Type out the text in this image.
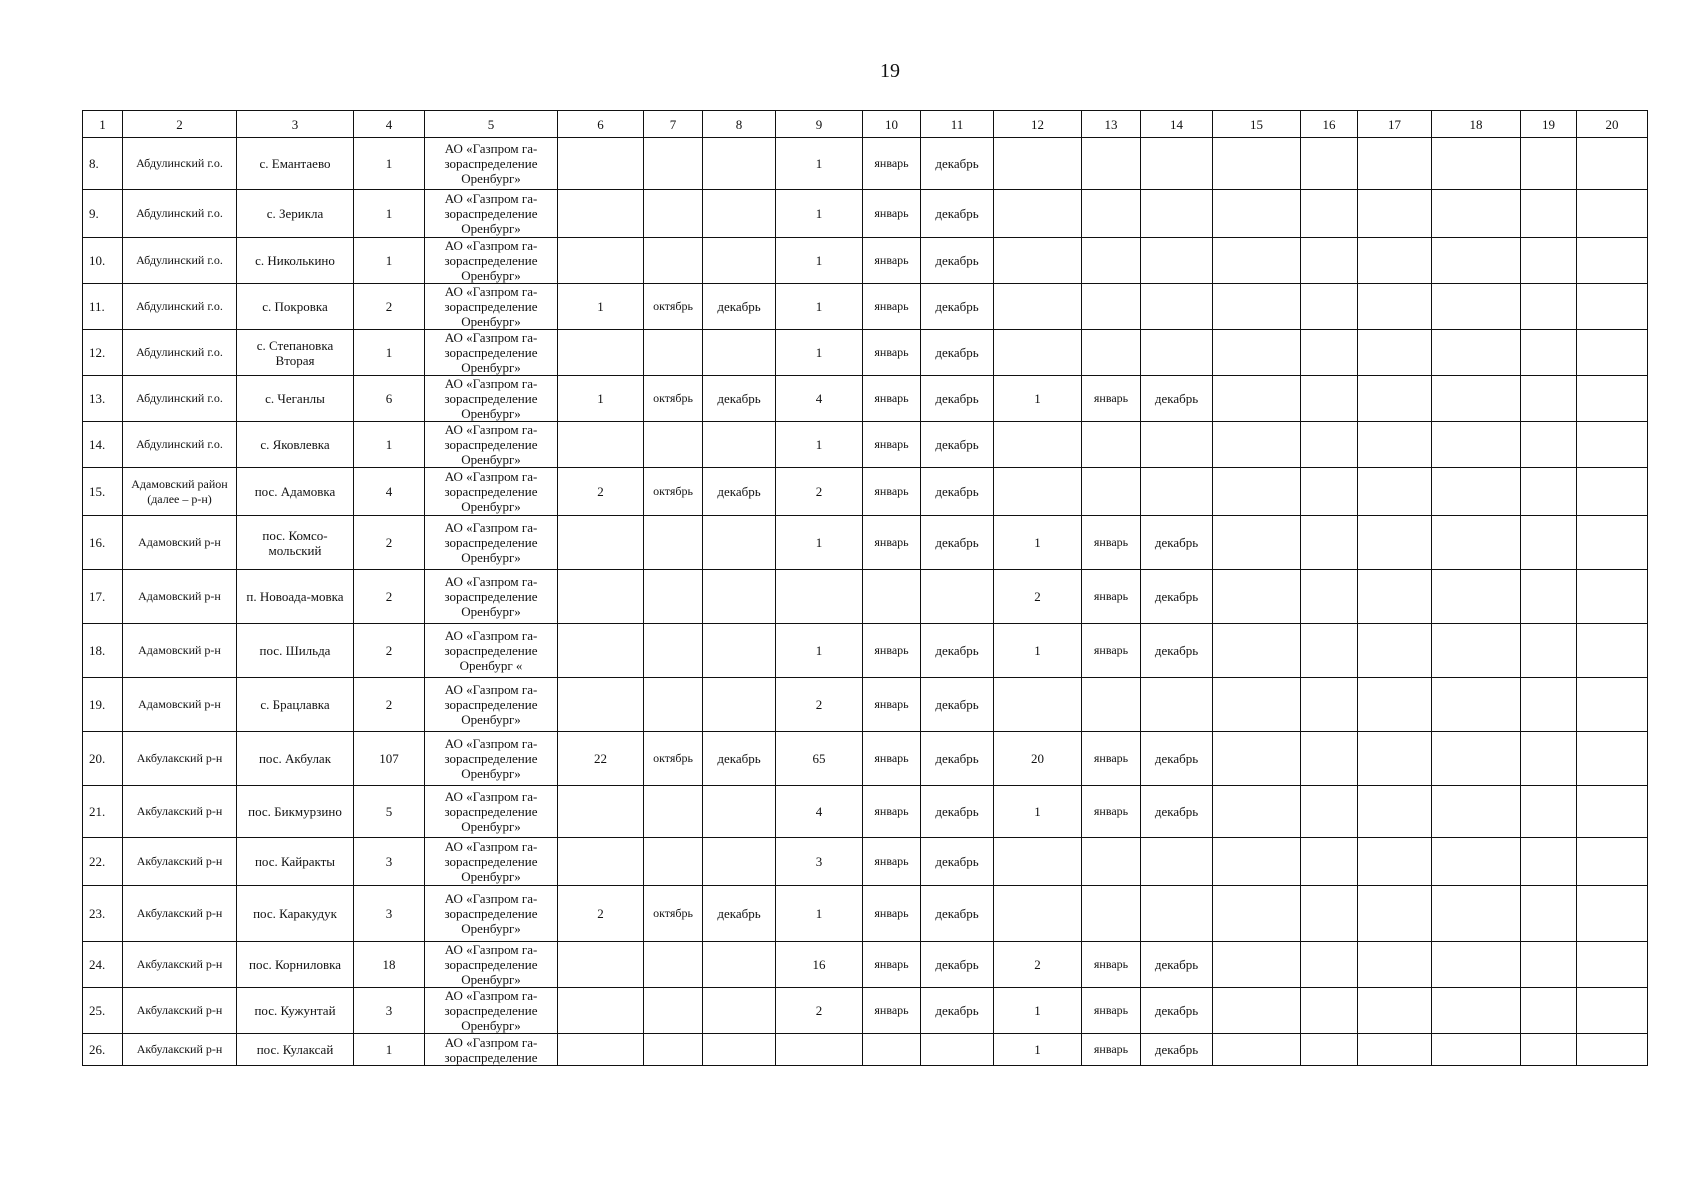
19
1	2	3	4	5	6	7	8	9	10	11	12	13	14	15	16	17	18	19	20
8.	Абдулинский г.о.	с. Емантаево	1	АО «Газпром га-зораспределение Оренбург»				1	январь	декабрь									
9.	Абдулинский г.о.	с. Зерикла	1	АО «Газпром га-зораспределение Оренбург»				1	январь	декабрь									
10.	Абдулинский г.о.	с. Николькино	1	АО «Газпром га-зораспределение Оренбург»				1	январь	декабрь									
11.	Абдулинский г.о.	с. Покровка	2	АО «Газпром га-зораспределение Оренбург»	1	октябрь	декабрь	1	январь	декабрь									
12.	Абдулинский г.о.	с. Степановка Вторая	1	АО «Газпром га-зораспределение Оренбург»				1	январь	декабрь									
13.	Абдулинский г.о.	с. Чеганлы	6	АО «Газпром га-зораспределение Оренбург»	1	октябрь	декабрь	4	январь	декабрь	1	январь	декабрь						
14.	Абдулинский г.о.	с. Яковлевка	1	АО «Газпром га-зораспределение Оренбург»				1	январь	декабрь									
15.	Адамовский район (далее – р-н)	пос. Адамовка	4	АО «Газпром га-зораспределение Оренбург»	2	октябрь	декабрь	2	январь	декабрь									
16.	Адамовский р-н	пос. Комсо-мольский	2	АО «Газпром га-зораспределение Оренбург»				1	январь	декабрь	1	январь	декабрь						
17.	Адамовский р-н	п. Новоада-мовка	2	АО «Газпром га-зораспределение Оренбург»							2	январь	декабрь						
18.	Адамовский р-н	пос. Шильда	2	АО «Газпром га-зораспределение Оренбург «				1	январь	декабрь	1	январь	декабрь						
19.	Адамовский р-н	с. Брацлавка	2	АО «Газпром га-зораспределение Оренбург»				2	январь	декабрь									
20.	Акбулакский р-н	пос. Акбулак	107	АО «Газпром га-зораспределение Оренбург»	22	октябрь	декабрь	65	январь	декабрь	20	январь	декабрь						
21.	Акбулакский р-н	пос. Бикмурзино	5	АО «Газпром га-зораспределение Оренбург»				4	январь	декабрь	1	январь	декабрь						
22.	Акбулакский р-н	пос. Кайракты	3	АО «Газпром га-зораспределение Оренбург»				3	январь	декабрь									
23.	Акбулакский р-н	пос. Каракудук	3	АО «Газпром га-зораспределение Оренбург»	2	октябрь	декабрь	1	январь	декабрь									
24.	Акбулакский р-н	пос. Корниловка	18	АО «Газпром га-зораспределение Оренбург»				16	январь	декабрь	2	январь	декабрь						
25.	Акбулакский р-н	пос. Кужунтай	3	АО «Газпром га-зораспределение Оренбург»				2	январь	декабрь	1	январь	декабрь						
26.	Акбулакский р-н	пос. Кулаксай	1	АО «Газпром га-зораспределение							1	январь	декабрь						
